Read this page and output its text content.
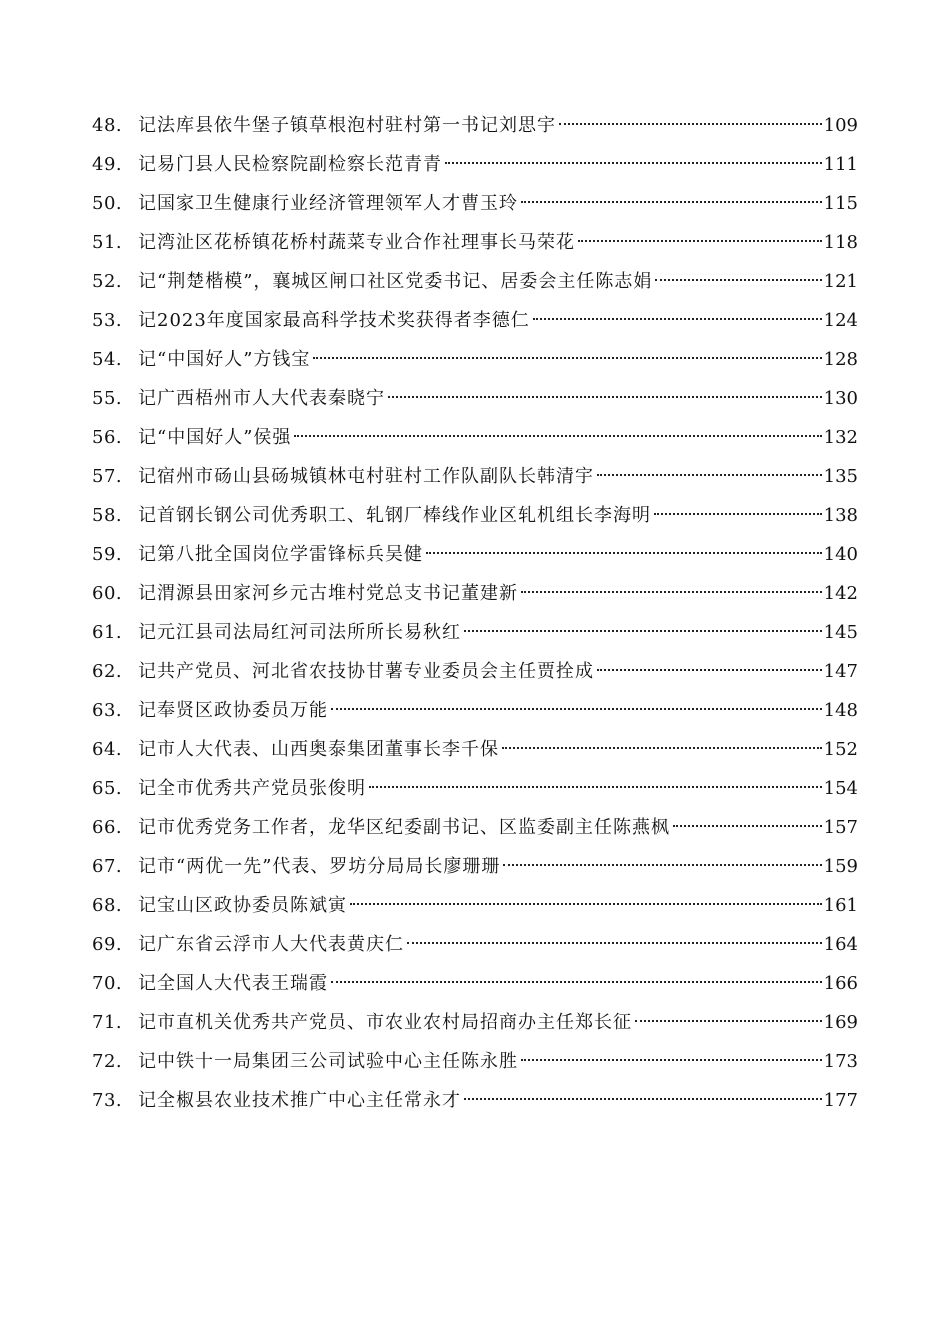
48. 记法库县依牛堡子镇草根泡村驻村第一书记刘思宇	109
49. 记易门县人民检察院副检察长范青青	111
50. 记国家卫生健康行业经济管理领军人才曹玉玲	115
51. 记湾沚区花桥镇花桥村蔬菜专业合作社理事长马荣花	118
52. 记“荆楚楷模”，襄城区闸口社区党委书记、居委会主任陈志娟	121
53. 记2023年度国家最高科学技术奖获得者李德仁	124
54. 记“中国好人”方钱宝	128
55. 记广西梧州市人大代表秦晓宁	130
56. 记“中国好人”侯强	132
57. 记宿州市砀山县砀城镇林屯村驻村工作队副队长韩清宇	135
58. 记首钢长钢公司优秀职工、轧钢厂棒线作业区轧机组长李海明	138
59. 记第八批全国岗位学雷锋标兵吴健	140
60. 记渭源县田家河乡元古堆村党总支书记董建新	142
61. 记元江县司法局红河司法所所长易秋红	145
62. 记共产党员、河北省农技协甘薯专业委员会主任贾拴成	147
63. 记奉贤区政协委员万能	148
64. 记市人大代表、山西奥泰集团董事长李千保	152
65. 记全市优秀共产党员张俊明	154
66. 记市优秀党务工作者，龙华区纪委副书记、区监委副主任陈燕枫	157
67. 记市“两优一先”代表、罗坊分局局长廖珊珊	159
68. 记宝山区政协委员陈斌寅	161
69. 记广东省云浮市人大代表黄庆仁	164
70. 记全国人大代表王瑞霞	166
71. 记市直机关优秀共产党员、市农业农村局招商办主任郑长征	169
72. 记中铁十一局集团三公司试验中心主任陈永胜	173
73. 记全椒县农业技术推广中心主任常永才	177
